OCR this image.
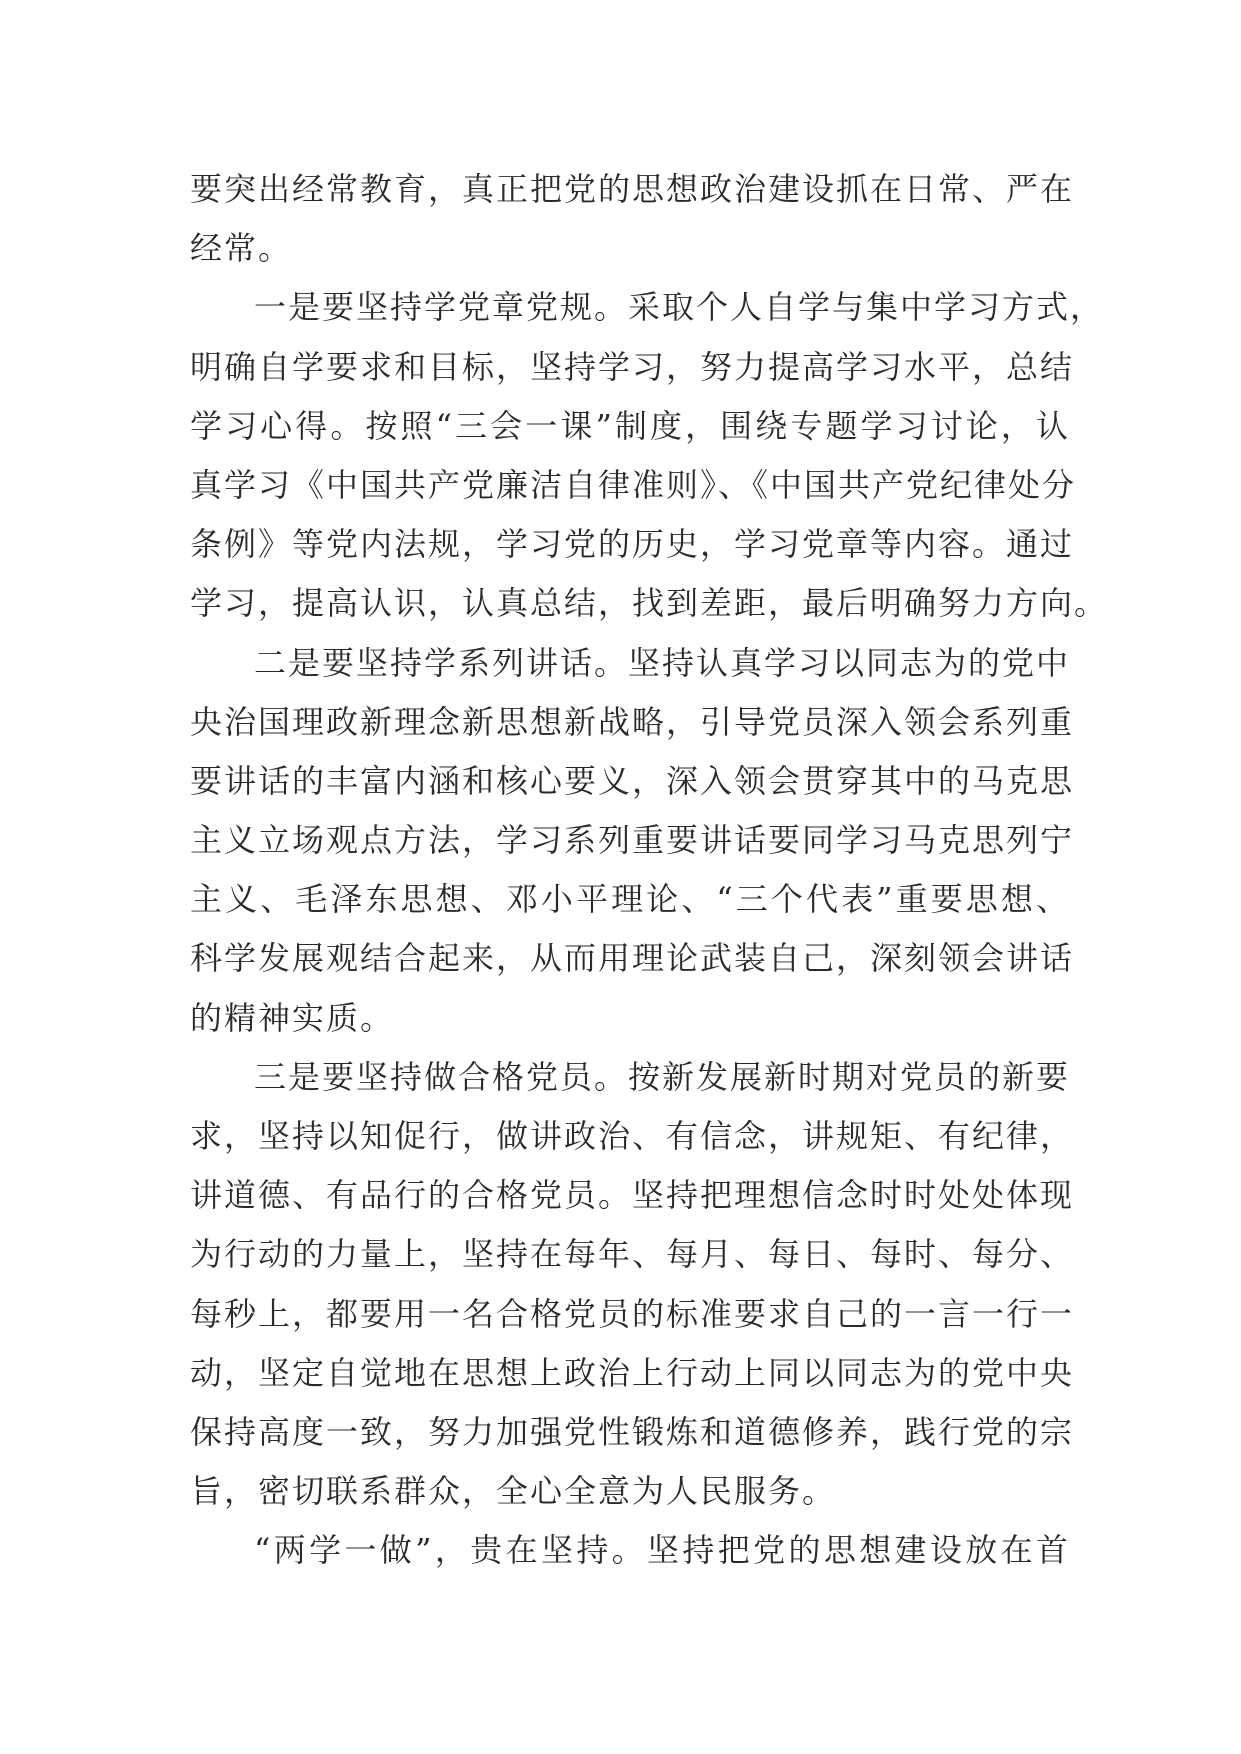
要突出经常教育，真正把党的思想政治建设抓在日常、严在
经常。
一是要坚持学党章党规。采取个人自学与集中学习方式，
明确自学要求和目标，坚持学习，努力提高学习水平，总结
学习心得。按照“三会一课”制度，围绕专题学习讨论，认
真学习《中国共产党廉洁自律准则》、《中国共产党纪律处分
条例》等党内法规，学习党的历史，学习党章等内容。通过
学习，提高认识，认真总结，找到差距，最后明确努力方向。
二是要坚持学系列讲话。坚持认真学习以同志为的党中
央治国理政新理念新思想新战略，引导党员深入领会系列重
要讲话的丰富内涵和核心要义，深入领会贯穿其中的马克思
主义立场观点方法，学习系列重要讲话要同学习马克思列宁
主义、毛泽东思想、邓小平理论、“三个代表”重要思想、
科学发展观结合起来，从而用理论武装自己，深刻领会讲话
的精神实质。
三是要坚持做合格党员。按新发展新时期对党员的新要
求，坚持以知促行，做讲政治、有信念，讲规矩、有纪律，
讲道德、有品行的合格党员。坚持把理想信念时时处处体现
为行动的力量上，坚持在每年、每月、每日、每时、每分、
每秒上，都要用一名合格党员的标准要求自己的一言一行一
动，坚定自觉地在思想上政治上行动上同以同志为的党中央
保持高度一致，努力加强党性锻炼和道德修养，践行党的宗
旨，密切联系群众，全心全意为人民服务。
“两学一做”，贵在坚持。坚持把党的思想建设放在首
